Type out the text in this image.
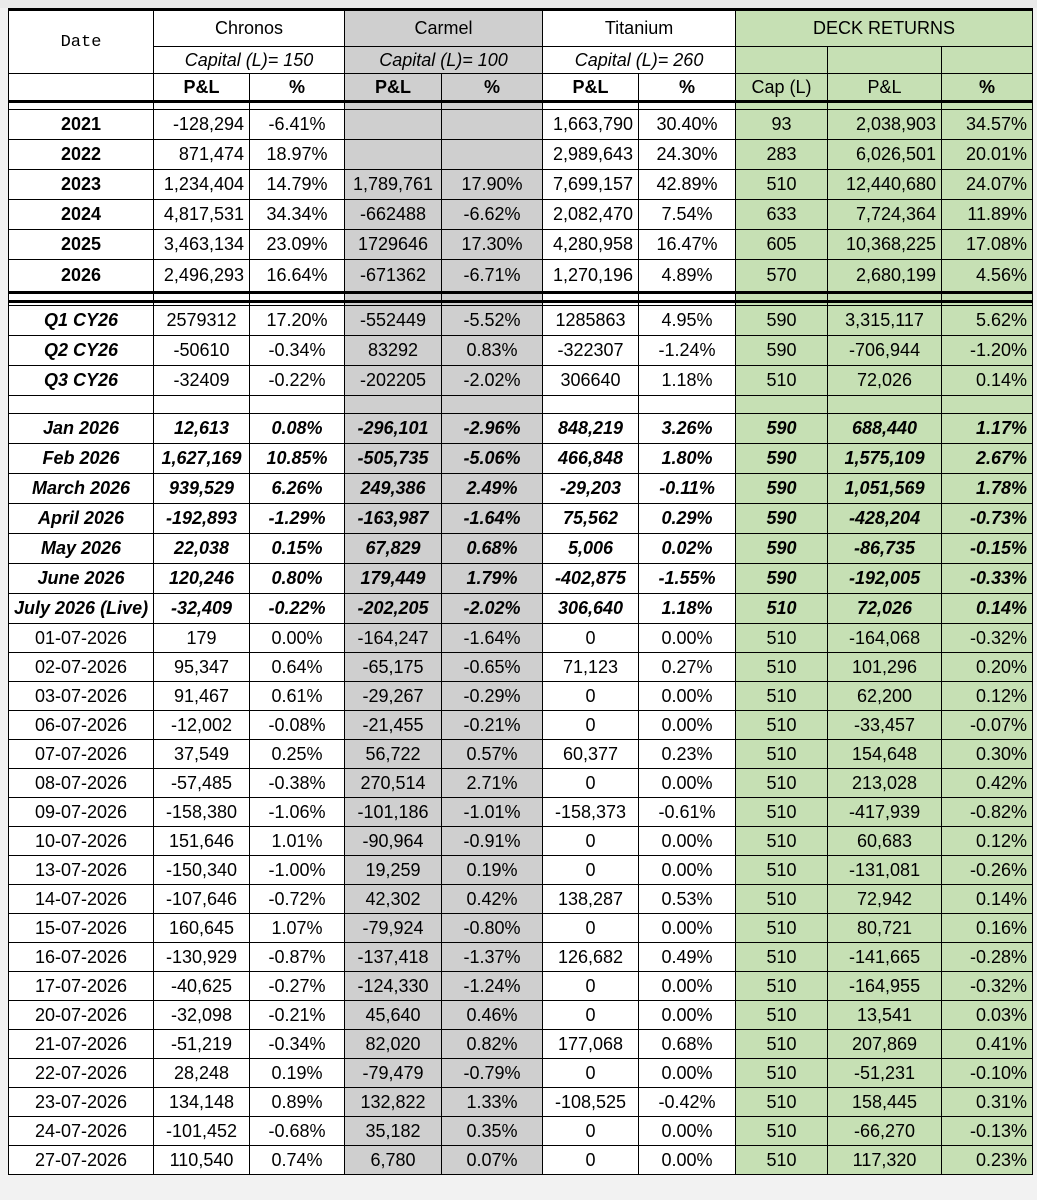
Date	Chronos		Carmel		Titanium		DECK RETURNS		
	Capital (L)= 150		Capital (L)= 100		Capital (L)= 260				
	P&L	%	P&L	%	P&L	%	Cap (L)	P&L	%

2021	-128,294	-6.41%			1,663,790	30.40%	93	2,038,903	34.57%
2022	871,474	18.97%			2,989,643	24.30%	283	6,026,501	20.01%
2023	1,234,404	14.79%	1,789,761	17.90%	7,699,157	42.89%	510	12,440,680	24.07%
2024	4,817,531	34.34%	-662488	-6.62%	2,082,470	7.54%	633	7,724,364	11.89%
2025	3,463,134	23.09%	1729646	17.30%	4,280,958	16.47%	605	10,368,225	17.08%
2026	2,496,293	16.64%	-671362	-6.71%	1,270,196	4.89%	570	2,680,199	4.56%

Q1 CY26	2579312	17.20%	-552449	-5.52%	1285863	4.95%	590	3,315,117	5.62%
Q2 CY26	-50610	-0.34%	83292	0.83%	-322307	-1.24%	590	-706,944	-1.20%
Q3 CY26	-32409	-0.22%	-202205	-2.02%	306640	1.18%	510	72,026	0.14%

Jan 2026	12,613	0.08%	-296,101	-2.96%	848,219	3.26%	590	688,440	1.17%
Feb 2026	1,627,169	10.85%	-505,735	-5.06%	466,848	1.80%	590	1,575,109	2.67%
March 2026	939,529	6.26%	249,386	2.49%	-29,203	-0.11%	590	1,051,569	1.78%
April 2026	-192,893	-1.29%	-163,987	-1.64%	75,562	0.29%	590	-428,204	-0.73%
May 2026	22,038	0.15%	67,829	0.68%	5,006	0.02%	590	-86,735	-0.15%
June 2026	120,246	0.80%	179,449	1.79%	-402,875	-1.55%	590	-192,005	-0.33%
July 2026 (Live)	-32,409	-0.22%	-202,205	-2.02%	306,640	1.18%	510	72,026	0.14%
01-07-2026	179	0.00%	-164,247	-1.64%	0	0.00%	510	-164,068	-0.32%
02-07-2026	95,347	0.64%	-65,175	-0.65%	71,123	0.27%	510	101,296	0.20%
03-07-2026	91,467	0.61%	-29,267	-0.29%	0	0.00%	510	62,200	0.12%
06-07-2026	-12,002	-0.08%	-21,455	-0.21%	0	0.00%	510	-33,457	-0.07%
07-07-2026	37,549	0.25%	56,722	0.57%	60,377	0.23%	510	154,648	0.30%
08-07-2026	-57,485	-0.38%	270,514	2.71%	0	0.00%	510	213,028	0.42%
09-07-2026	-158,380	-1.06%	-101,186	-1.01%	-158,373	-0.61%	510	-417,939	-0.82%
10-07-2026	151,646	1.01%	-90,964	-0.91%	0	0.00%	510	60,683	0.12%
13-07-2026	-150,340	-1.00%	19,259	0.19%	0	0.00%	510	-131,081	-0.26%
14-07-2026	-107,646	-0.72%	42,302	0.42%	138,287	0.53%	510	72,942	0.14%
15-07-2026	160,645	1.07%	-79,924	-0.80%	0	0.00%	510	80,721	0.16%
16-07-2026	-130,929	-0.87%	-137,418	-1.37%	126,682	0.49%	510	-141,665	-0.28%
17-07-2026	-40,625	-0.27%	-124,330	-1.24%	0	0.00%	510	-164,955	-0.32%
20-07-2026	-32,098	-0.21%	45,640	0.46%	0	0.00%	510	13,541	0.03%
21-07-2026	-51,219	-0.34%	82,020	0.82%	177,068	0.68%	510	207,869	0.41%
22-07-2026	28,248	0.19%	-79,479	-0.79%	0	0.00%	510	-51,231	-0.10%
23-07-2026	134,148	0.89%	132,822	1.33%	-108,525	-0.42%	510	158,445	0.31%
24-07-2026	-101,452	-0.68%	35,182	0.35%	0	0.00%	510	-66,270	-0.13%
27-07-2026	110,540	0.74%	6,780	0.07%	0	0.00%	510	117,320	0.23%
